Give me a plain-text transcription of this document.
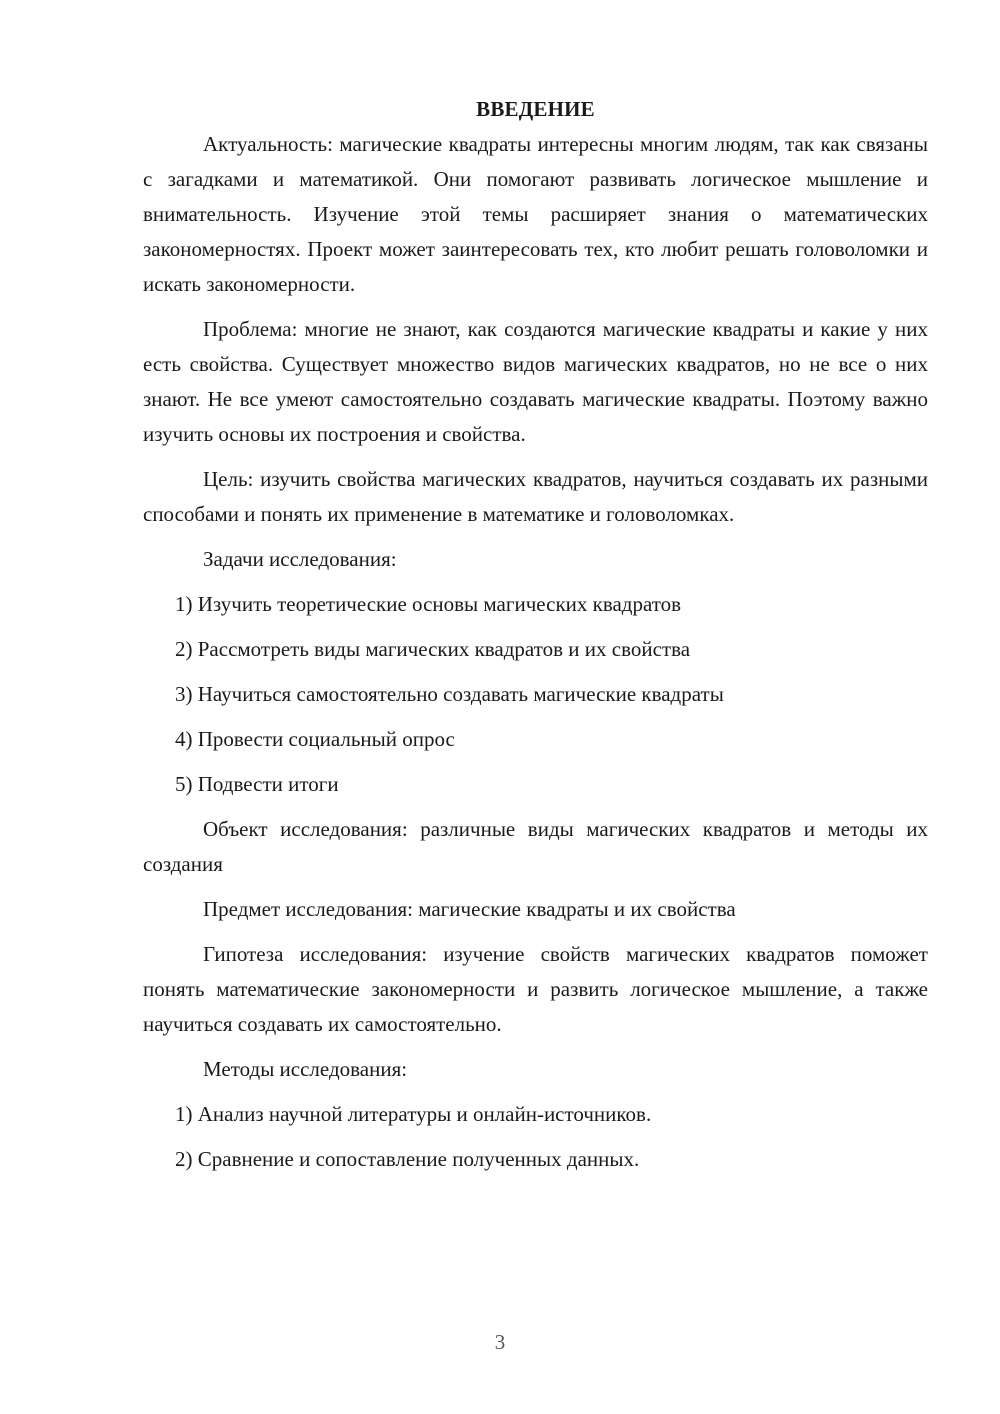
ВВЕДЕНИЕ

Актуальность: магические квадраты интересны многим людям, так как связаны с загадками и математикой. Они помогают развивать логическое мышление и внимательность. Изучение этой темы расширяет знания о математических закономерностях. Проект может заинтересовать тех, кто любит решать головоломки и искать закономерности.

Проблема: многие не знают, как создаются магические квадраты и какие у них есть свойства. Существует множество видов магических квадратов, но не все о них знают. Не все умеют самостоятельно создавать магические квадраты. Поэтому важно изучить основы их построения и свойства.

Цель: изучить свойства магических квадратов, научиться создавать их разными способами и понять их применение в математике и головоломках.

Задачи исследования:

1) Изучить теоретические основы магических квадратов

2) Рассмотреть виды магических квадратов и их свойства

3) Научиться самостоятельно создавать магические квадраты

4) Провести социальный опрос

5) Подвести итоги

Объект исследования: различные виды магических квадратов и методы их создания

Предмет исследования: магические квадраты и их свойства

Гипотеза исследования: изучение свойств магических квадратов поможет понять математические закономерности и развить логическое мышление, а также научиться создавать их самостоятельно.

Методы исследования:

1) Анализ научной литературы и онлайн-источников.

2) Сравнение и сопоставление полученных данных.

3
